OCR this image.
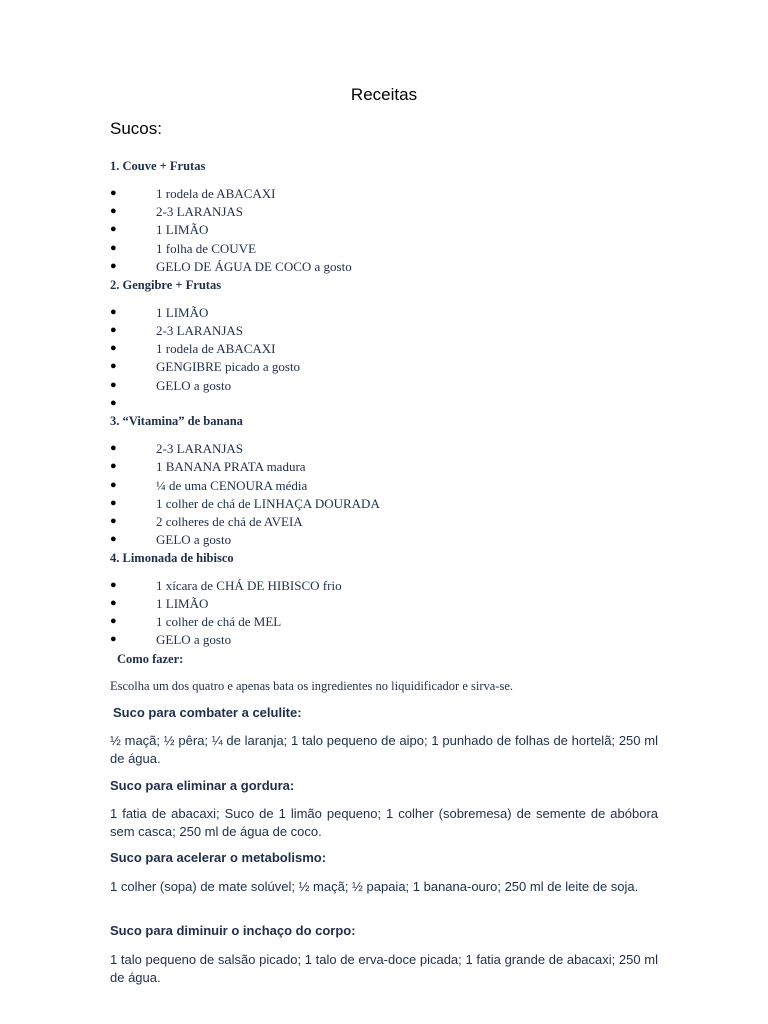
Receitas
Sucos:
1. Couve + Frutas
●	1 rodela de ABACAXI
●	2-3 LARANJAS
●	1 LIMÃO
●	1 folha de COUVE
●	GELO DE ÁGUA DE COCO a gosto
2. Gengibre + Frutas
●	1 LIMÃO
●	2-3 LARANJAS
●	1 rodela de ABACAXI
●	GENGIBRE picado a gosto
●	GELO a gosto
●
3. “Vitamina” de banana
●	2-3 LARANJAS
●	1 BANANA PRATA madura
●	¼ de uma CENOURA média
●	1 colher de chá de LINHAÇA DOURADA
●	2 colheres de chá de AVEIA
●	GELO a gosto
4. Limonada de hibisco
●	1 xícara de CHÁ DE HIBISCO frio
●	1 LIMÃO
●	1 colher de chá de MEL
●	GELO a gosto
Como fazer:
Escolha um dos quatro e apenas bata os ingredientes no liquidificador e sirva-se.
Suco para combater a celulite:
½ maçã; ½ pêra; ¼ de laranja; 1 talo pequeno de aipo; 1 punhado de folhas de hortelã; 250 ml de água.
Suco para eliminar a gordura:
1 fatia de abacaxi; Suco de 1 limão pequeno; 1 colher (sobremesa) de semente de abóbora sem casca; 250 ml de água de coco.
Suco para acelerar o metabolismo:
1 colher (sopa) de mate solúvel; ½ maçã; ½ papaia; 1 banana-ouro; 250 ml de leite de soja.
Suco para diminuir o inchaço do corpo:
1 talo pequeno de salsão picado; 1 talo de erva-doce picada; 1 fatia grande de abacaxi; 250 ml de água.
